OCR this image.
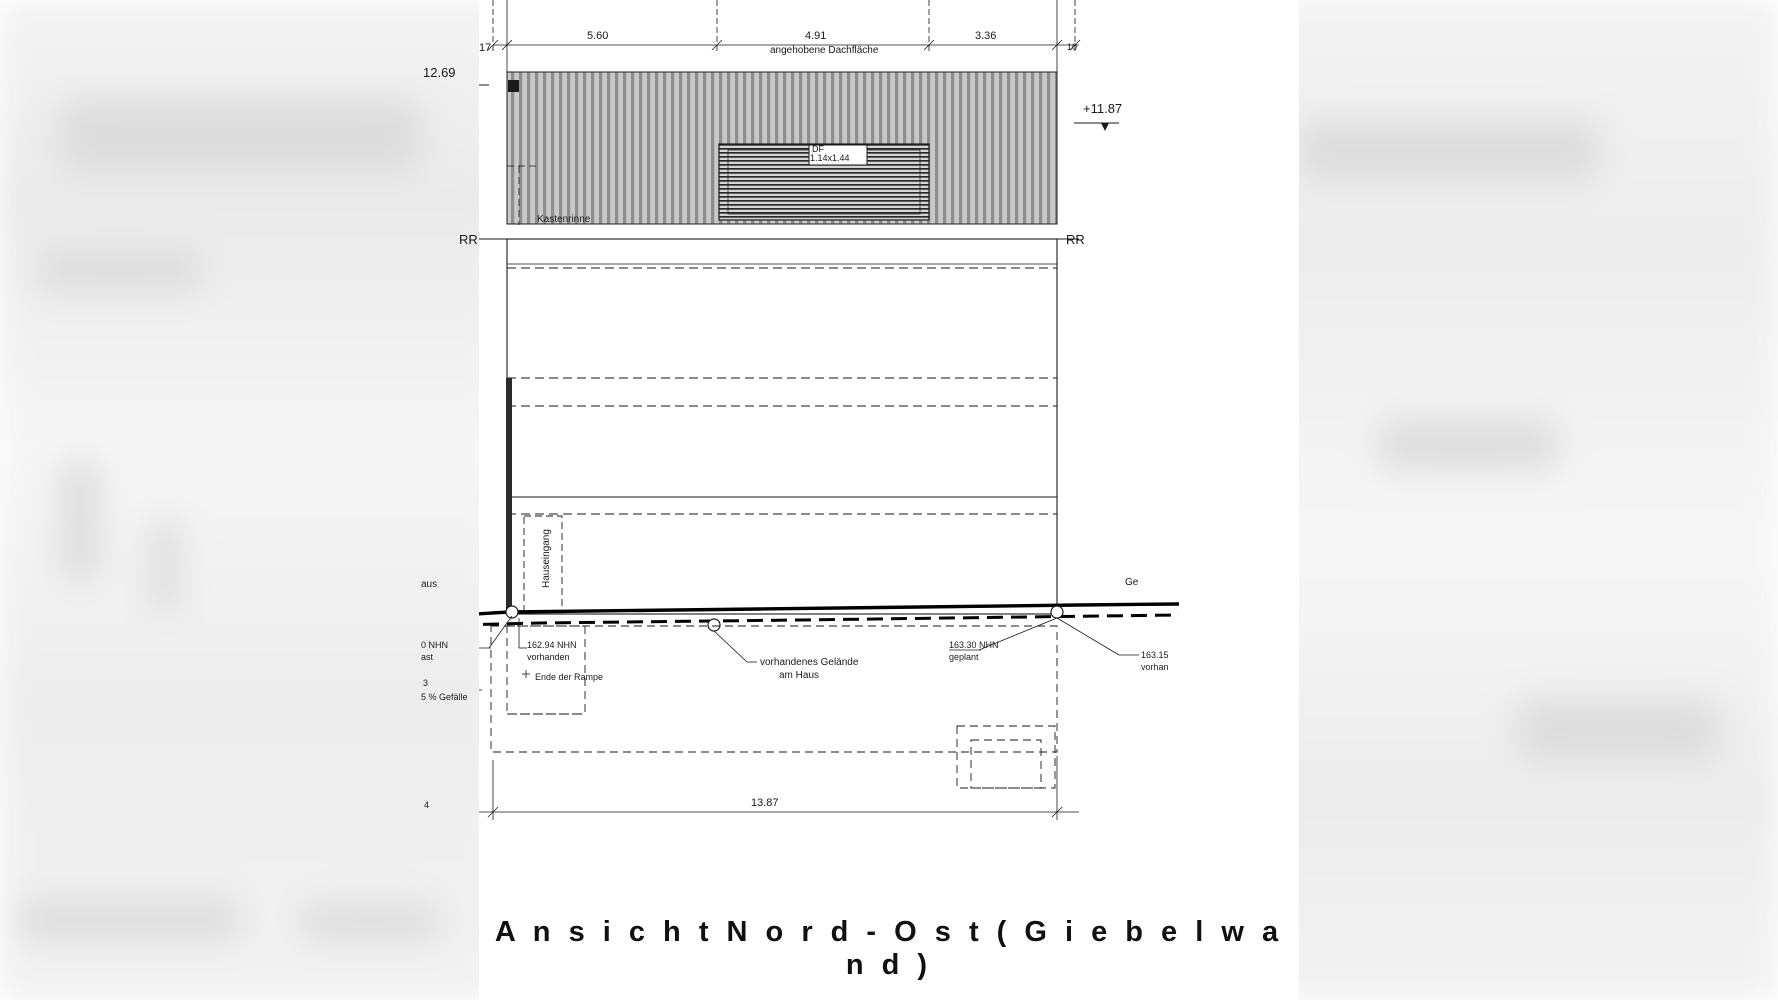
17
5.60	4.91	3.36
10
angehobene Dachfläche
12.69
+11.87
RR	RR
Kastenrinne
DF
1.14x1.44
Hauseingang
aus	Ge
vorhandenes Gelände
am Haus
0 NHN
ast
162.94 NHN
vorhanden
Ende der Rampe
3
5 % Gefälle
163.30 NHN
geplant	163.15
vorhan
13.87
4
A n s i c h t N o r d - O s t ( G i e b e l w a n d )
